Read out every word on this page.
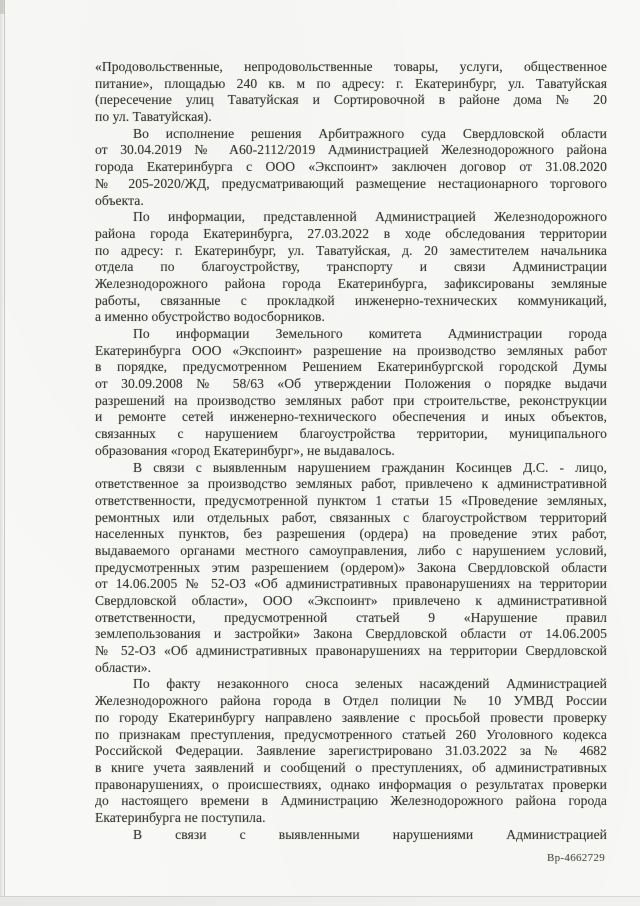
«Продовольственные, непродовольственные товары, услуги, общественное
питание», площадью 240 кв. м по адресу: г. Екатеринбург, ул. Таватуйская
(пересечение улиц Таватуйская и Сортировочной в районе дома № 20
по ул. Таватуйская).
Во исполнение решения Арбитражного суда Свердловской области
от 30.04.2019 № А60-2112/2019 Администрацией Железнодорожного района
города Екатеринбурга с ООО «Экспоинт» заключен договор от 31.08.2020
№ 205-2020/ЖД, предусматривающий размещение нестационарного торгового
объекта.
По информации, представленной Администрацией Железнодорожного
района города Екатеринбурга, 27.03.2022 в ходе обследования территории
по адресу: г. Екатеринбург, ул. Таватуйская, д. 20 заместителем начальника
отдела по благоустройству, транспорту и связи Администрации
Железнодорожного района города Екатеринбурга, зафиксированы земляные
работы, связанные с прокладкой инженерно-технических коммуникаций,
а именно обустройство водосборников.
По информации Земельного комитета Администрации города
Екатеринбурга ООО «Экспоинт» разрешение на производство земляных работ
в порядке, предусмотренном Решением Екатеринбургской городской Думы
от 30.09.2008 № 58/63 «Об утверждении Положения о порядке выдачи
разрешений на производство земляных работ при строительстве, реконструкции
и ремонте сетей инженерно-технического обеспечения и иных объектов,
связанных с нарушением благоустройства территории, муниципального
образования «город Екатеринбург», не выдавалось.
В связи с выявленным нарушением гражданин Косинцев Д.С. - лицо,
ответственное за производство земляных работ, привлечено к административной
ответственности, предусмотренной пунктом 1 статьи 15 «Проведение земляных,
ремонтных или отдельных работ, связанных с благоустройством территорий
населенных пунктов, без разрешения (ордера) на проведение этих работ,
выдаваемого органами местного самоуправления, либо с нарушением условий,
предусмотренных этим разрешением (ордером)» Закона Свердловской области
от 14.06.2005 № 52-ОЗ «Об административных правонарушениях на территории
Свердловской области», ООО «Экспоинт» привлечено к административной
ответственности, предусмотренной статьей 9 «Нарушение правил
землепользования и застройки» Закона Свердловской области от 14.06.2005
№ 52-ОЗ «Об административных правонарушениях на территории Свердловской
области».
По факту незаконного сноса зеленых насаждений Администрацией
Железнодорожного района города в Отдел полиции № 10 УМВД России
по городу Екатеринбургу направлено заявление с просьбой провести проверку
по признакам преступления, предусмотренного статьей 260 Уголовного кодекса
Российской Федерации. Заявление зарегистрировано 31.03.2022 за № 4682
в книге учета заявлений и сообщений о преступлениях, об административных
правонарушениях, о происшествиях, однако информация о результатах проверки
до настоящего времени в Администрацию Железнодорожного района города
Екатеринбурга не поступила.
В связи с выявленными нарушениями Администрацией
Вр-4662729
